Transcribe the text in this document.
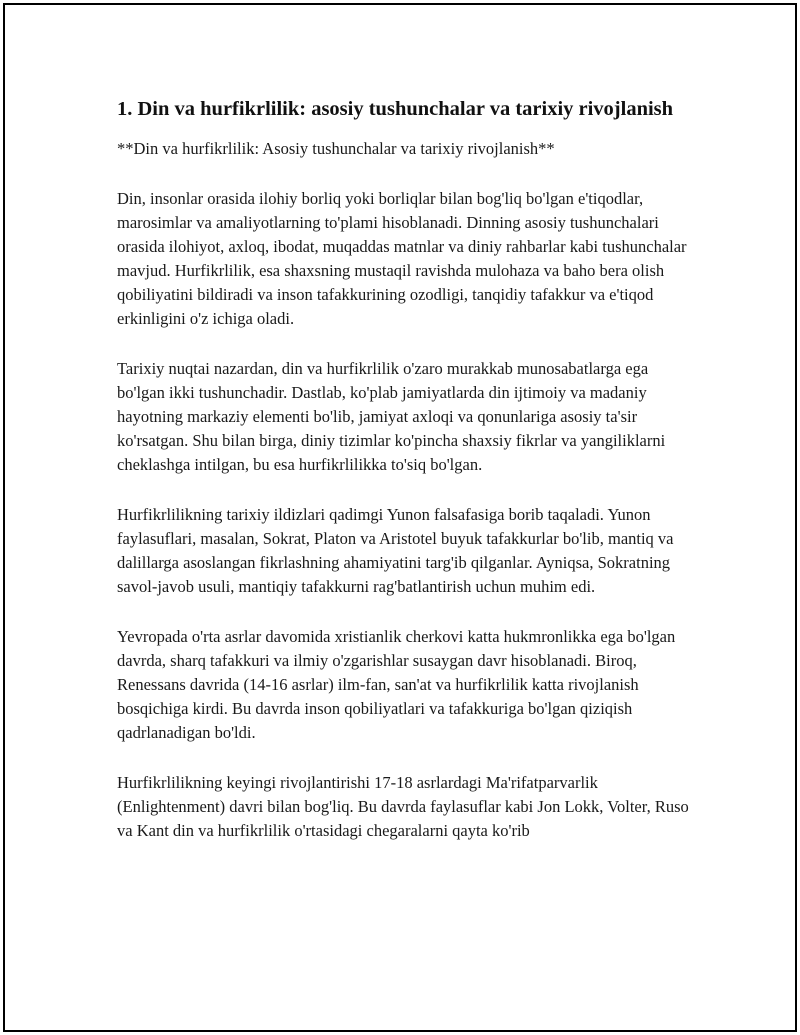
1. Din va hurfikrlilik: asosiy tushunchalar va tarixiy rivojlanish

**Din va hurfikrlilik: Asosiy tushunchalar va tarixiy rivojlanish**

Din, insonlar orasida ilohiy borliq yoki borliqlar bilan bog'liq bo'lgan e'tiqodlar, marosimlar va amaliyotlarning to'plami hisoblanadi. Dinning asosiy tushunchalari orasida ilohiyot, axloq, ibodat, muqaddas matnlar va diniy rahbarlar kabi tushunchalar mavjud. Hurfikrlilik, esa shaxsning mustaqil ravishda mulohaza va baho bera olish qobiliyatini bildiradi va inson tafakkurining ozodligi, tanqidiy tafakkur va e'tiqod erkinligini o'z ichiga oladi.

Tarixiy nuqtai nazardan, din va hurfikrlilik o'zaro murakkab munosabatlarga ega bo'lgan ikki tushunchadir. Dastlab, ko'plab jamiyatlarda din ijtimoiy va madaniy hayotning markaziy elementi bo'lib, jamiyat axloqi va qonunlariga asosiy ta'sir ko'rsatgan. Shu bilan birga, diniy tizimlar ko'pincha shaxsiy fikrlar va yangiliklarni cheklashga intilgan, bu esa hurfikrlilikka to'siq bo'lgan.

Hurfikrlilikning tarixiy ildizlari qadimgi Yunon falsafasiga borib taqaladi. Yunon faylasuflari, masalan, Sokrat, Platon va Aristotel buyuk tafakkurlar bo'lib, mantiq va dalillarga asoslangan fikrlashning ahamiyatini targ'ib qilganlar. Ayniqsa, Sokratning savol-javob usuli, mantiqiy tafakkurni rag'batlantirish uchun muhim edi.

Yevropada o'rta asrlar davomida xristianlik cherkovi katta hukmronlikka ega bo'lgan davrda, sharq tafakkuri va ilmiy o'zgarishlar susaygan davr hisoblanadi. Biroq, Renessans davrida (14-16 asrlar) ilm-fan, san'at va hurfikrlilik katta rivojlanish bosqichiga kirdi. Bu davrda inson qobiliyatlari va tafakkuriga bo'lgan qiziqish qadrlanadigan bo'ldi.

Hurfikrlilikning keyingi rivojlantirishi 17-18 asrlardagi Ma'rifatparvarlik (Enlightenment) davri bilan bog'liq. Bu davrda faylasuflar kabi Jon Lokk, Volter, Ruso va Kant din va hurfikrlilik o'rtasidagi chegaralarni qayta ko'rib
